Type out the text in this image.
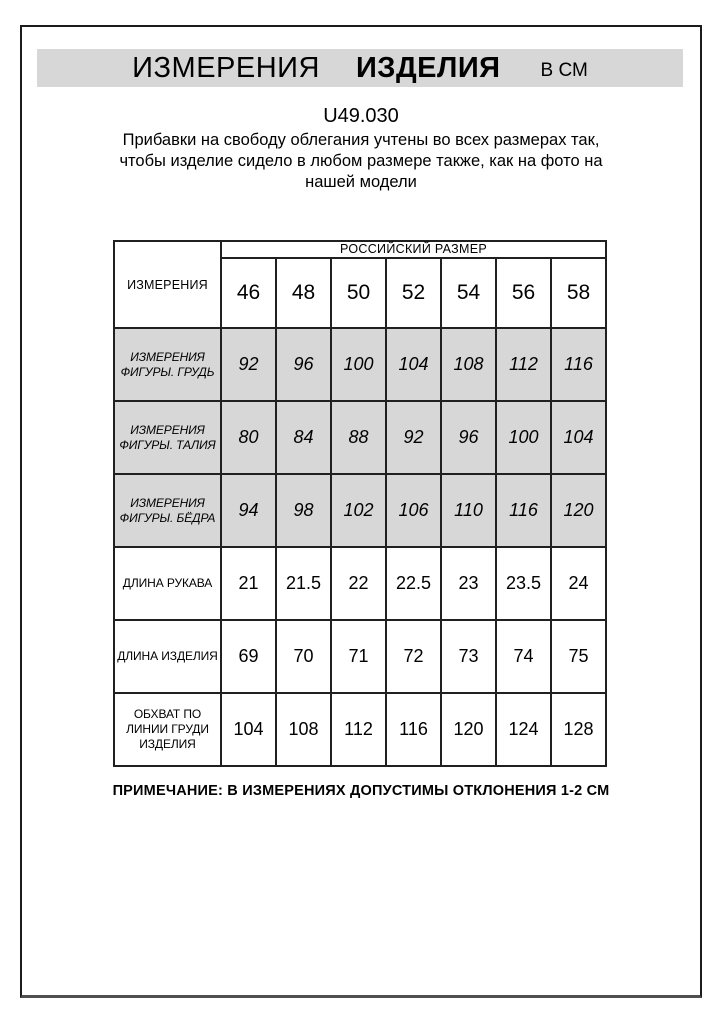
ИЗМЕРЕНИЯ ИЗДЕЛИЯ В СМ
U49.030
Прибавки на свободу облегания учтены во всех размерах так,
чтобы изделие сидело в любом размере также, как на фото на
нашей модели
ИЗМЕРЕНИЯ	РОССИЙСКИЙ РАЗМЕР						
	46	48	50	52	54	56	58
ИЗМЕРЕНИЯ ФИГУРЫ. ГРУДЬ	92	96	100	104	108	112	116
ИЗМЕРЕНИЯ ФИГУРЫ. ТАЛИЯ	80	84	88	92	96	100	104
ИЗМЕРЕНИЯ ФИГУРЫ. БЁДРА	94	98	102	106	110	116	120
ДЛИНА РУКАВА	21	21.5	22	22.5	23	23.5	24
ДЛИНА ИЗДЕЛИЯ	69	70	71	72	73	74	75
ОБХВАТ ПО ЛИНИИ ГРУДИ ИЗДЕЛИЯ	104	108	112	116	120	124	128
ПРИМЕЧАНИЕ: В ИЗМЕРЕНИЯХ ДОПУСТИМЫ ОТКЛОНЕНИЯ 1-2 СМ
